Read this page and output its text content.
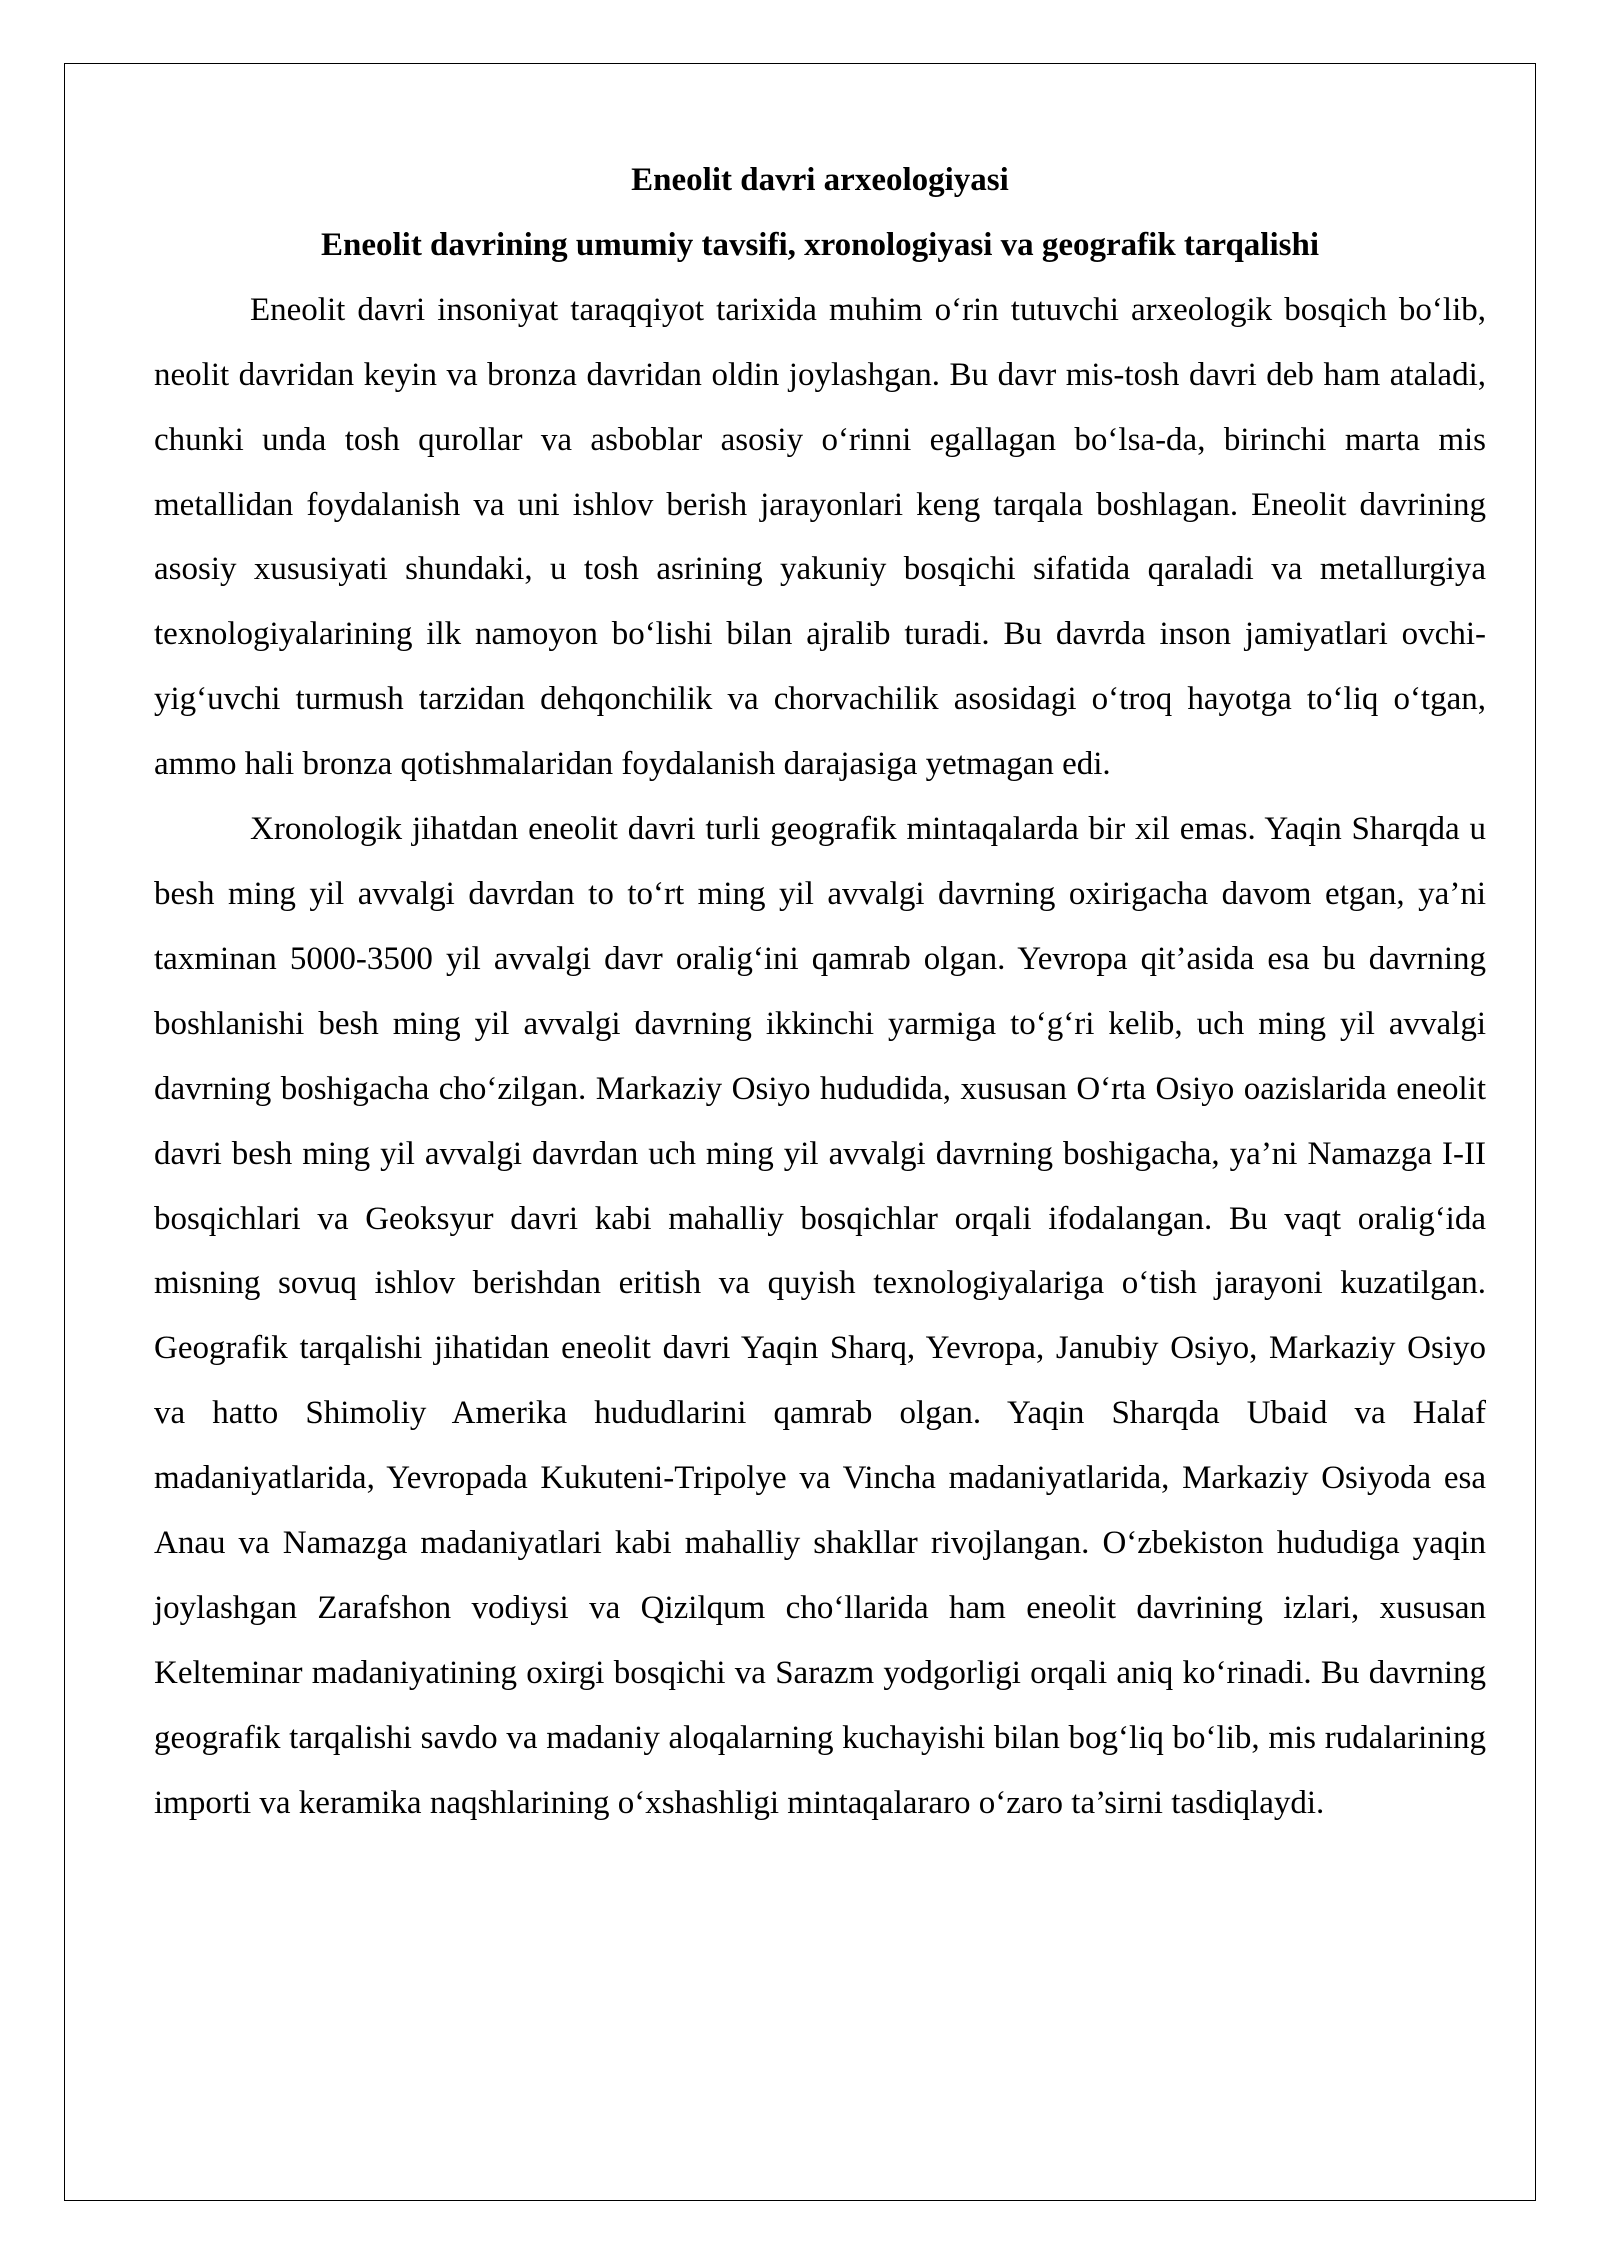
Eneolit davri arxeologiyasi
Eneolit davrining umumiy tavsifi, xronologiyasi va geografik tarqalishi

Eneolit davri insoniyat taraqqiyot tarixida muhim o‘rin tutuvchi arxeologik bosqich bo‘lib, neolit davridan keyin va bronza davridan oldin joylashgan. Bu davr mis-tosh davri deb ham ataladi, chunki unda tosh qurollar va asboblar asosiy o‘rinni egallagan bo‘lsa-da, birinchi marta mis metallidan foydalanish va uni ishlov berish jarayonlari keng tarqala boshlagan. Eneolit davrining asosiy xususiyati shundaki, u tosh asrining yakuniy bosqichi sifatida qaraladi va metallurgiya texnologiyalarining ilk namoyon bo‘lishi bilan ajralib turadi. Bu davrda inson jamiyatlari ovchi-yig‘uvchi turmush tarzidan dehqonchilik va chorvachilik asosidagi o‘troq hayotga to‘liq o‘tgan, ammo hali bronza qotishmalaridan foydalanish darajasiga yetmagan edi.

Xronologik jihatdan eneolit davri turli geografik mintaqalarda bir xil emas. Yaqin Sharqda u besh ming yil avvalgi davrdan to to‘rt ming yil avvalgi davrning oxirigacha davom etgan, ya’ni taxminan 5000-3500 yil avvalgi davr oralig‘ini qamrab olgan. Yevropa qit’asida esa bu davrning boshlanishi besh ming yil avvalgi davrning ikkinchi yarmiga to‘g‘ri kelib, uch ming yil avvalgi davrning boshigacha cho‘zilgan. Markaziy Osiyo hududida, xususan O‘rta Osiyo oazislarida eneolit davri besh ming yil avvalgi davrdan uch ming yil avvalgi davrning boshigacha, ya’ni Namazga I-II bosqichlari va Geoksyur davri kabi mahalliy bosqichlar orqali ifodalangan. Bu vaqt oralig‘ida misning sovuq ishlov berishdan eritish va quyish texnologiyalariga o‘tish jarayoni kuzatilgan. Geografik tarqalishi jihatidan eneolit davri Yaqin Sharq, Yevropa, Janubiy Osiyo, Markaziy Osiyo va hatto Shimoliy Amerika hududlarini qamrab olgan. Yaqin Sharqda Ubaid va Halaf madaniyatlarida, Yevropada Kukuteni-Tripolye va Vincha madaniyatlarida, Markaziy Osiyoda esa Anau va Namazga madaniyatlari kabi mahalliy shakllar rivojlangan. O‘zbekiston hududiga yaqin joylashgan Zarafshon vodiysi va Qizilqum cho‘llarida ham eneolit davrining izlari, xususan Kelteminar madaniyatining oxirgi bosqichi va Sarazm yodgorligi orqali aniq ko‘rinadi. Bu davrning geografik tarqalishi savdo va madaniy aloqalarning kuchayishi bilan bog‘liq bo‘lib, mis rudalarining importi va keramika naqshlarining o‘xshashligi mintaqalararo o‘zaro ta’sirni tasdiqlaydi.
